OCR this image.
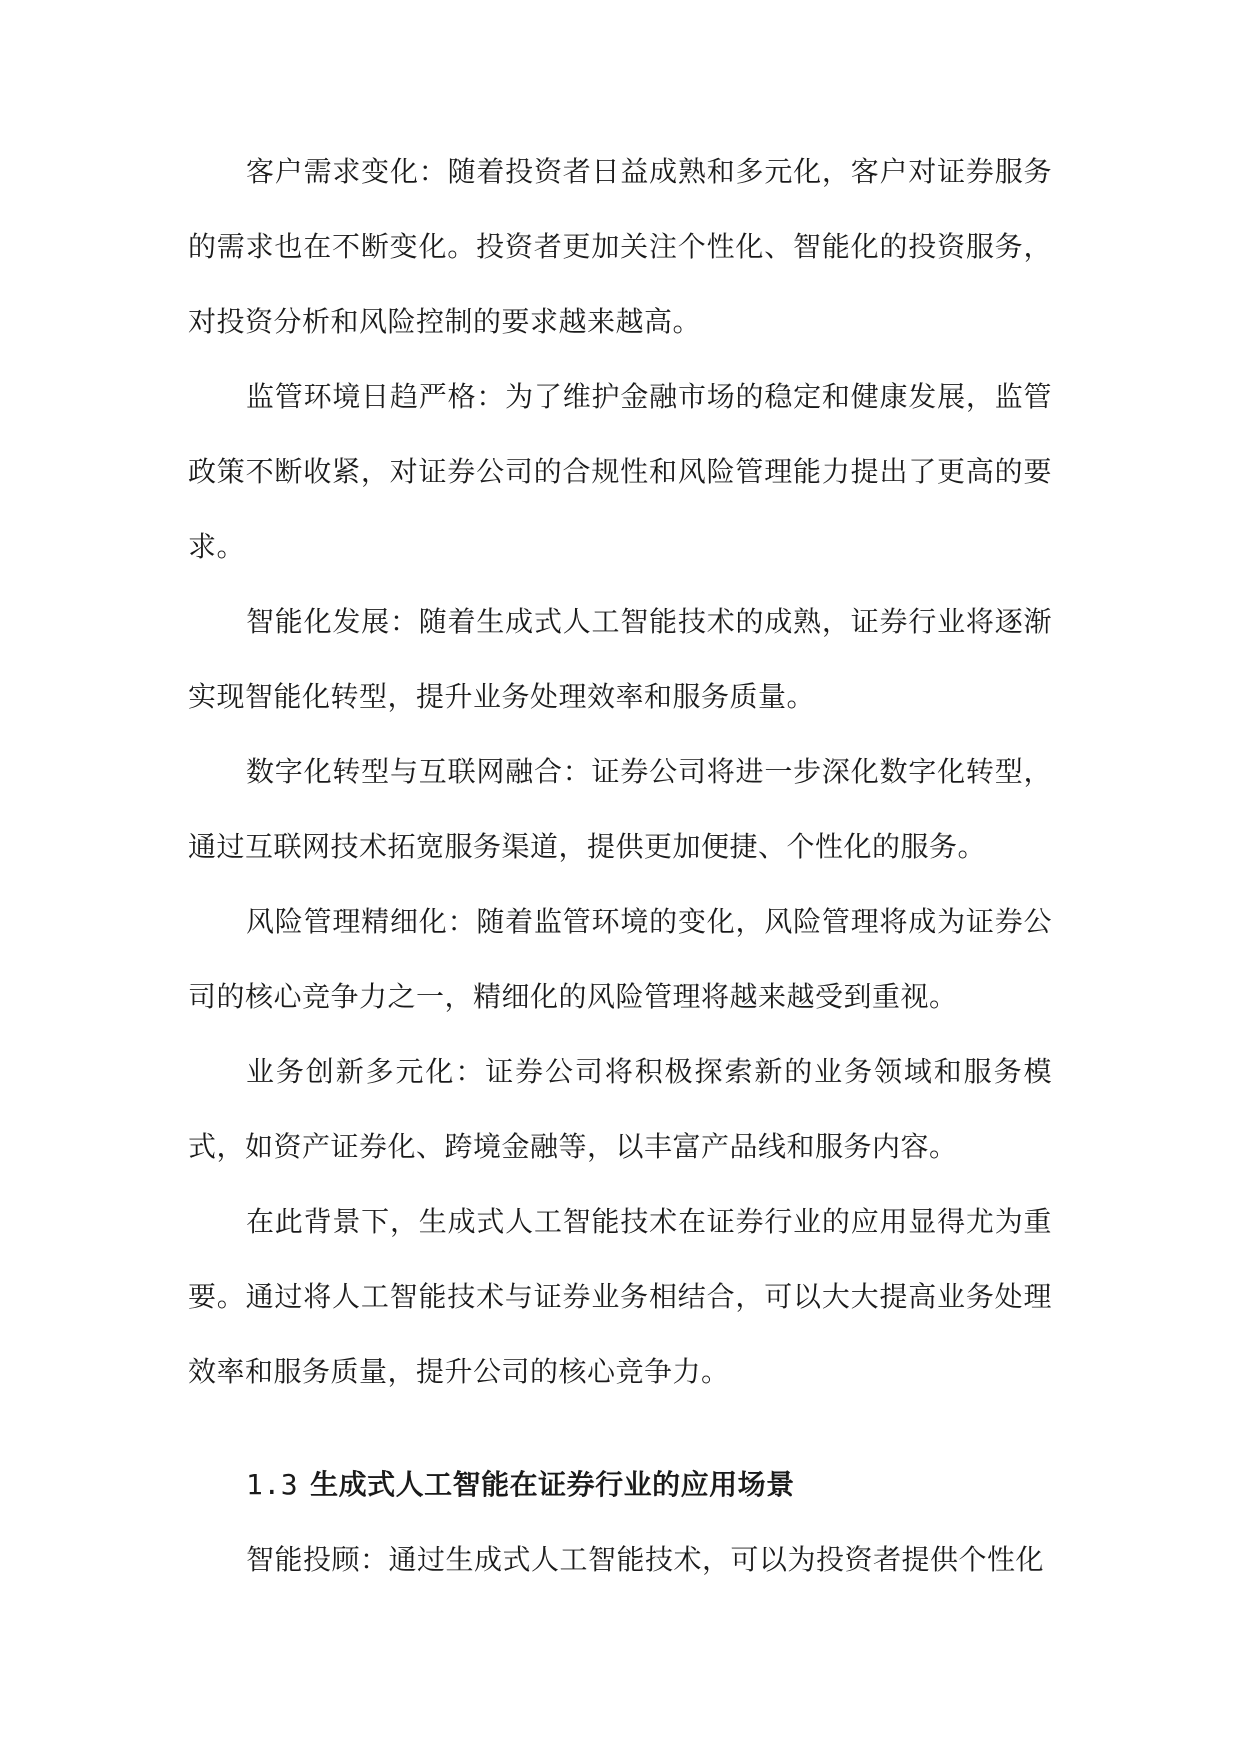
客户需求变化：随着投资者日益成熟和多元化，客户对证券服务的需求也在不断变化。投资者更加关注个性化、智能化的投资服务，对投资分析和风险控制的要求越来越高。

监管环境日趋严格：为了维护金融市场的稳定和健康发展，监管政策不断收紧，对证券公司的合规性和风险管理能力提出了更高的要求。

智能化发展：随着生成式人工智能技术的成熟，证券行业将逐渐实现智能化转型，提升业务处理效率和服务质量。

数字化转型与互联网融合：证券公司将进一步深化数字化转型，通过互联网技术拓宽服务渠道，提供更加便捷、个性化的服务。

风险管理精细化：随着监管环境的变化，风险管理将成为证券公司的核心竞争力之一，精细化的风险管理将越来越受到重视。

业务创新多元化：证券公司将积极探索新的业务领域和服务模式，如资产证券化、跨境金融等，以丰富产品线和服务内容。

在此背景下，生成式人工智能技术在证券行业的应用显得尤为重要。通过将人工智能技术与证券业务相结合，可以大大提高业务处理效率和服务质量，提升公司的核心竞争力。

1.3 生成式人工智能在证券行业的应用场景

智能投顾：通过生成式人工智能技术，可以为投资者提供个性化
